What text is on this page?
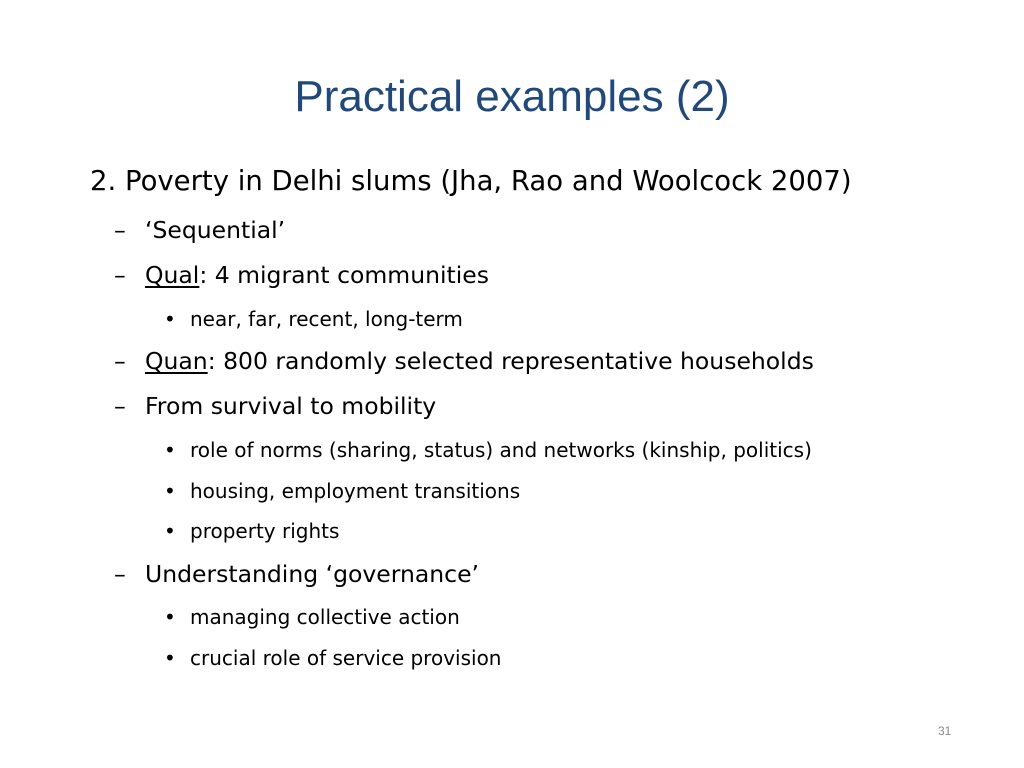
Practical examples (2)
2. Poverty in Delhi slums (Jha, Rao and Woolcock 2007)
– ‘Sequential’
– Qual: 4 migrant communities
• near, far, recent, long-term
– Quan: 800 randomly selected representative households
– From survival to mobility
• role of norms (sharing, status) and networks (kinship, politics)
• housing, employment transitions
• property rights
– Understanding ‘governance’
• managing collective action
• crucial role of service provision
31
